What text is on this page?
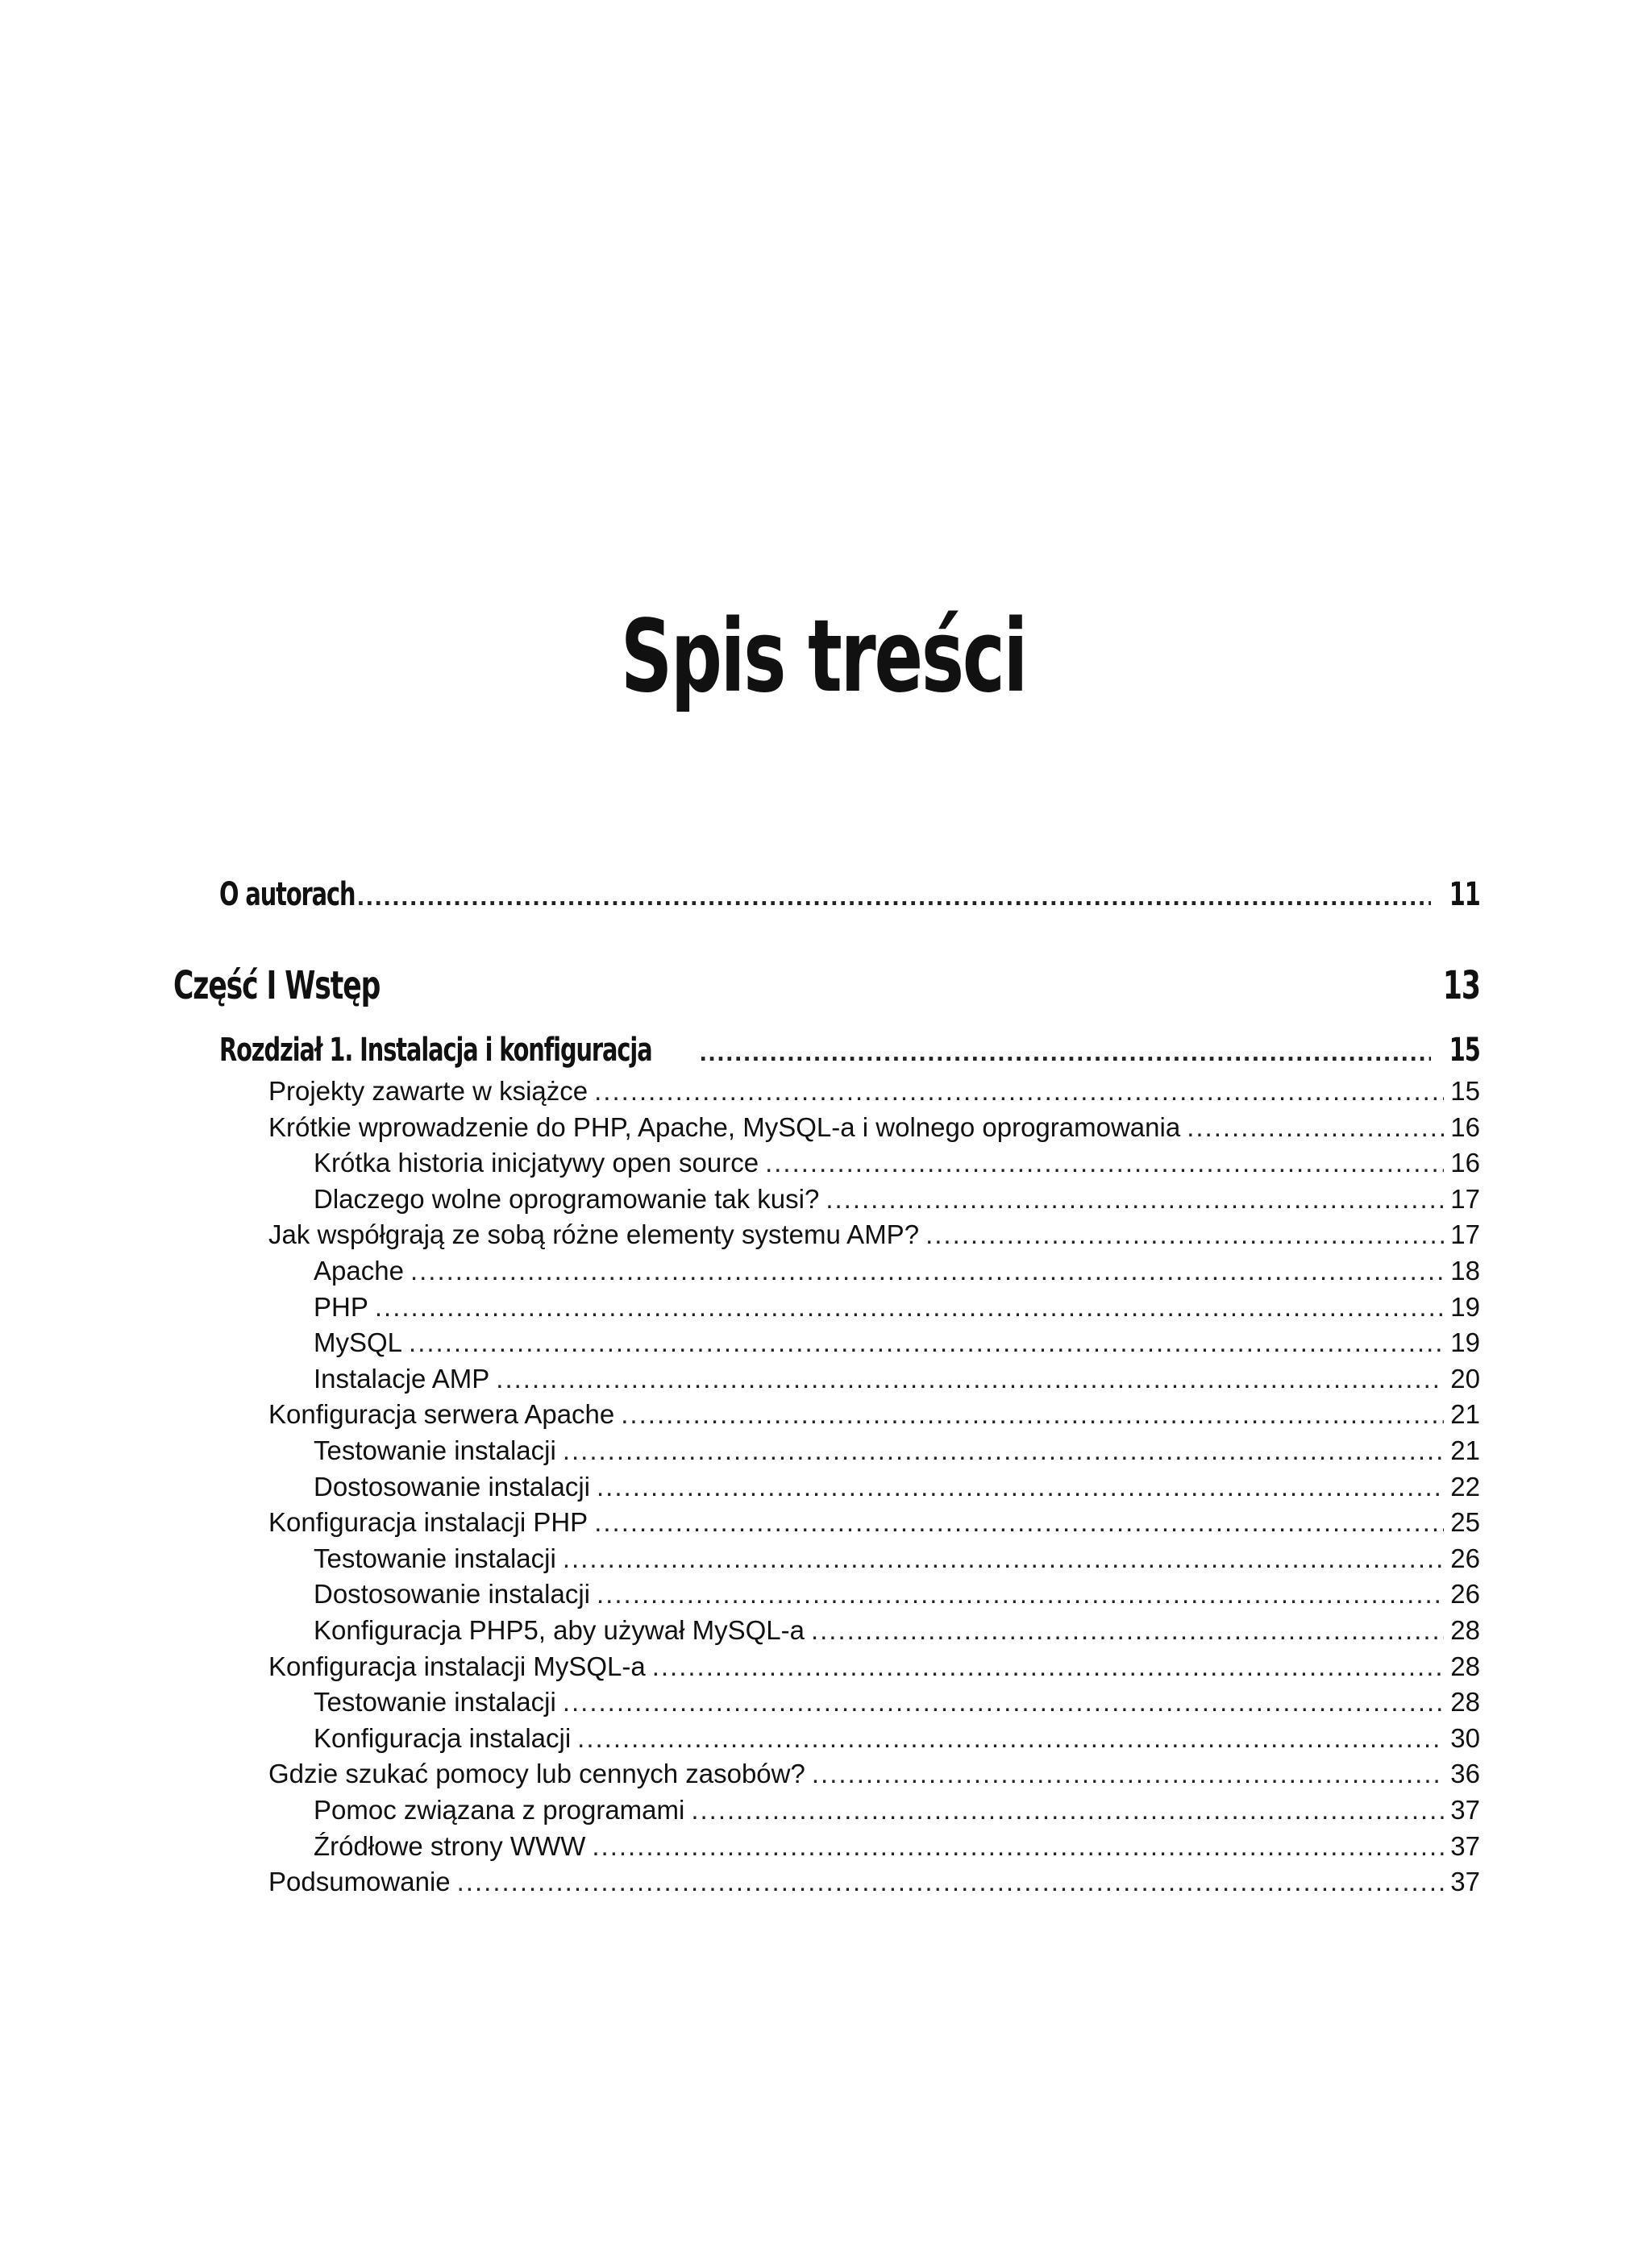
Spis treści
O autorach .....	11
Część I Wstęp	13
Rozdział 1. Instalacja i konfiguracja .....	15
Projekty zawarte w książce .....	15
Krótkie wprowadzenie do PHP, Apache, MySQL-a i wolnego oprogramowania .....	16
Krótka historia inicjatywy open source .....	16
Dlaczego wolne oprogramowanie tak kusi? .....	17
Jak współgrają ze sobą różne elementy systemu AMP? .....	17
Apache .....	18
PHP .....	19
MySQL .....	19
Instalacje AMP .....	20
Konfiguracja serwera Apache .....	21
Testowanie instalacji .....	21
Dostosowanie instalacji .....	22
Konfiguracja instalacji PHP .....	25
Testowanie instalacji .....	26
Dostosowanie instalacji .....	26
Konfiguracja PHP5, aby używał MySQL-a .....	28
Konfiguracja instalacji MySQL-a .....	28
Testowanie instalacji .....	28
Konfiguracja instalacji .....	30
Gdzie szukać pomocy lub cennych zasobów? .....	36
Pomoc związana z programami .....	37
Źródłowe strony WWW .....	37
Podsumowanie .....	37
